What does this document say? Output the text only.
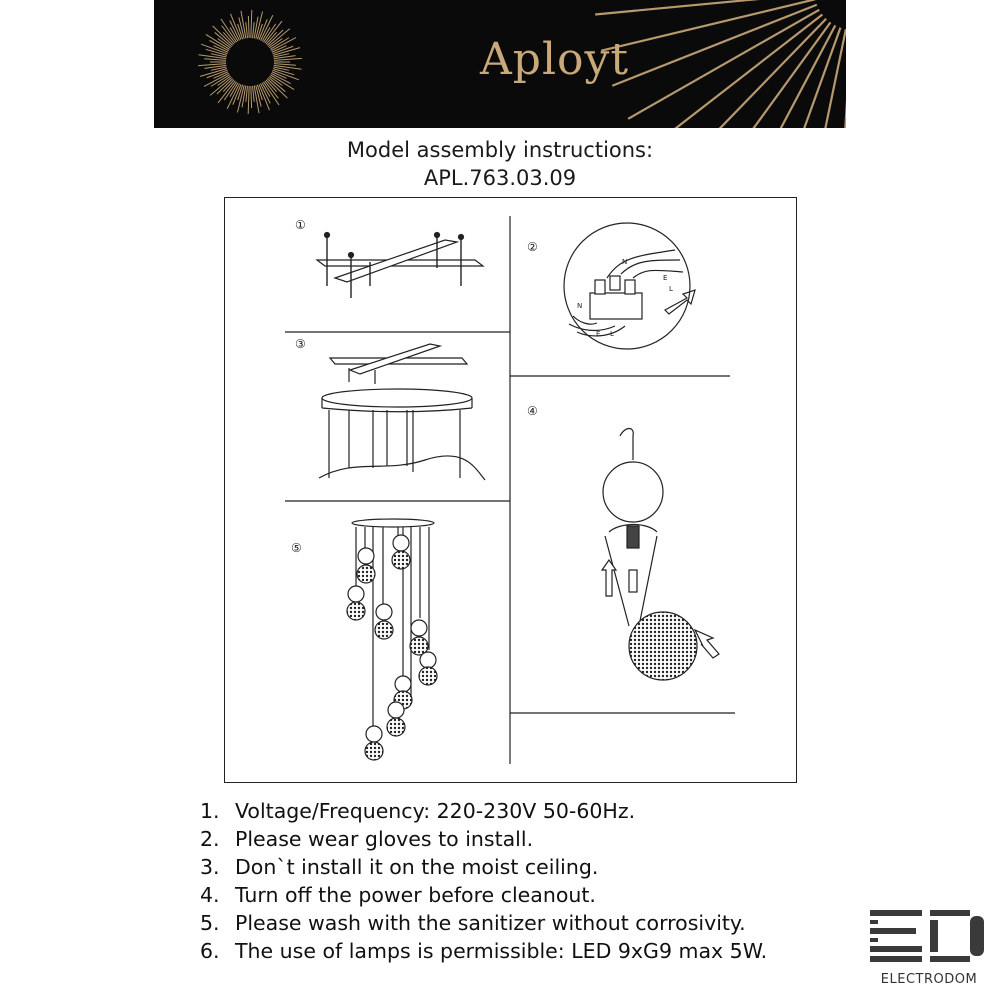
Aployt
Model assembly instructions:
APL.763.03.09
①
②
③
④
⑤
N
E
L
N
E L
1. Voltage/Frequency: 220-230V 50-60Hz.
2. Please wear gloves to install.
3. Don`t install it on the moist ceiling.
4. Turn off the power before cleanout.
5. Please wash with the sanitizer without corrosivity.
6. The use of lamps is permissible: LED 9xG9 max 5W.
ELECTRODOM
